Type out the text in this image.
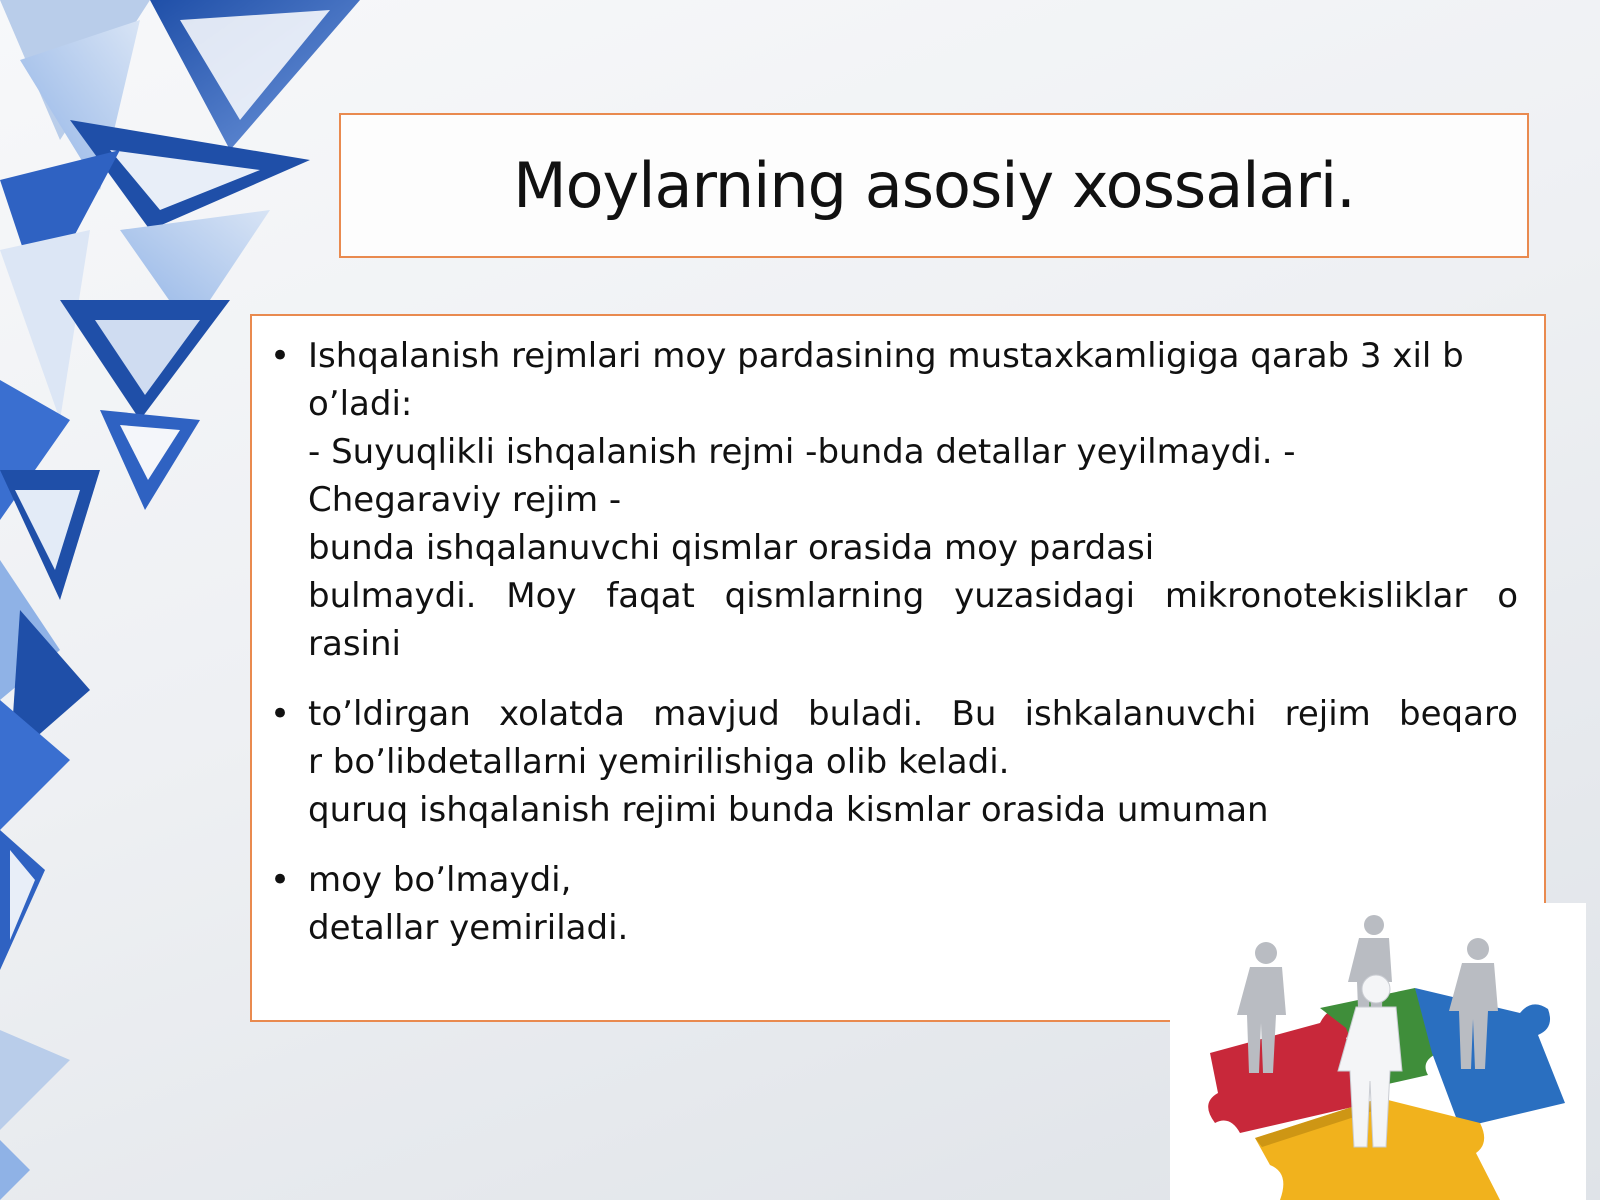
Moylarning asosiy xossalari.
• Ishqalanish rejmlari moy pardasining mustaxkamligiga qarab 3 xil b
o’ladi:
- Suyuqlikli ishqalanish rejmi -bunda detallar yeyilmaydi. -
Chegaraviy rejim -
bunda ishqalanuvchi qismlar orasida moy pardasi
bulmaydi. Moy faqat qismlarning yuzasidagi mikronotekisliklar o
rasini
• to’ldirgan xolatda mavjud buladi. Bu ishkalanuvchi rejim beqaro
r bo’libdetallarni yemirilishiga olib keladi.
quruq ishqalanish rejimi bunda kismlar orasida umuman
• moy bo’lmaydi,
detallar yemiriladi.
